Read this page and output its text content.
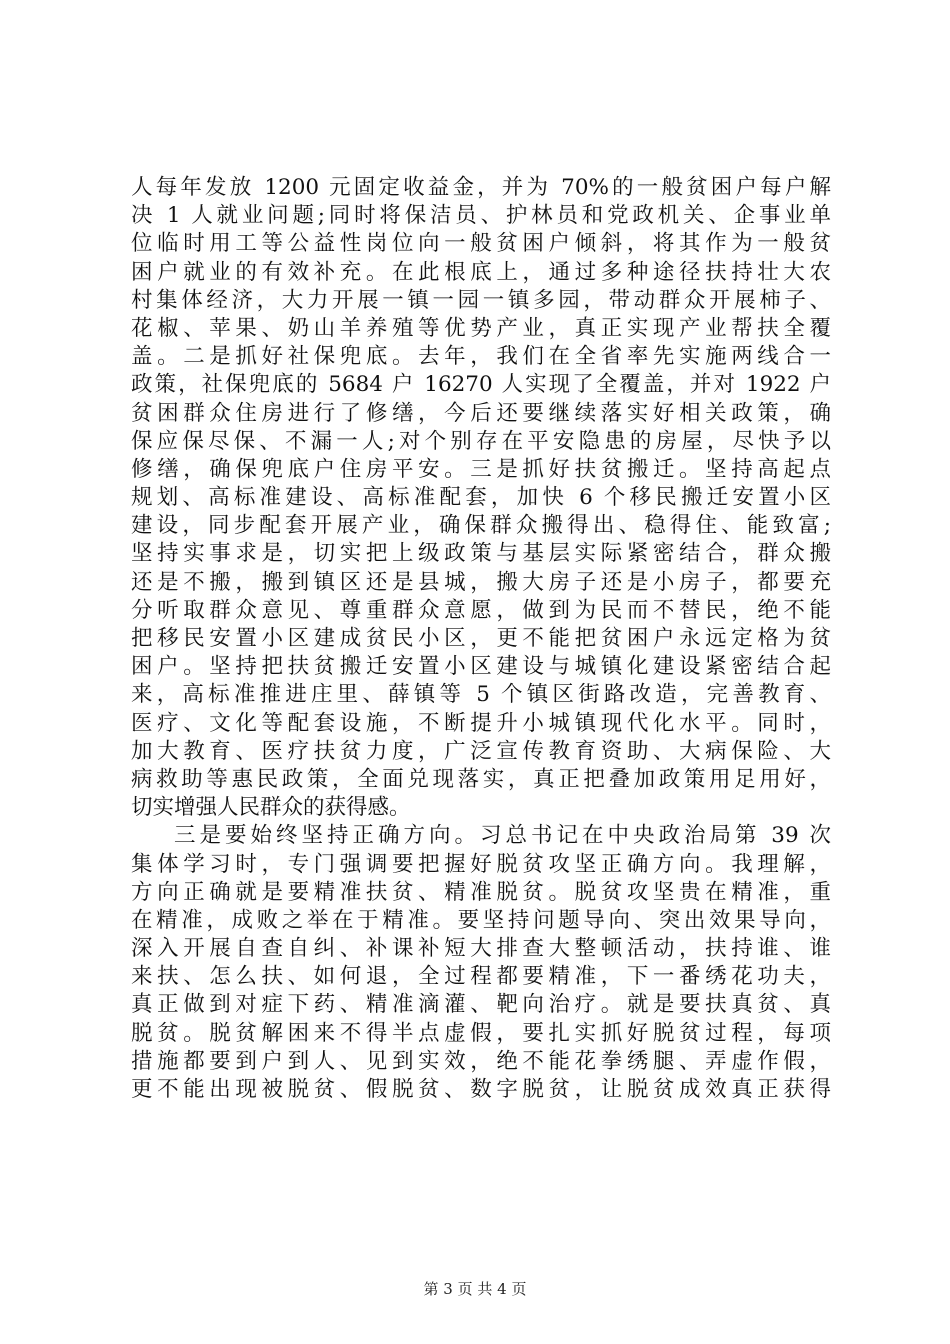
人每年发放 1200 元固定收益金，并为 70%的一般贫困户每户解
决 1 人就业问题;同时将保洁员、护林员和党政机关、企事业单
位临时用工等公益性岗位向一般贫困户倾斜，将其作为一般贫
困户就业的有效补充。在此根底上，通过多种途径扶持壮大农
村集体经济，大力开展一镇一园一镇多园，带动群众开展柿子、
花椒、苹果、奶山羊养殖等优势产业，真正实现产业帮扶全覆
盖。二是抓好社保兜底。去年，我们在全省率先实施两线合一
政策，社保兜底的 5684 户 16270 人实现了全覆盖，并对 1922 户
贫困群众住房进行了修缮，今后还要继续落实好相关政策，确
保应保尽保、不漏一人;对个别存在平安隐患的房屋，尽快予以
修缮，确保兜底户住房平安。三是抓好扶贫搬迁。坚持高起点
规划、高标准建设、高标准配套，加快 6 个移民搬迁安置小区
建设，同步配套开展产业，确保群众搬得出、稳得住、能致富;
坚持实事求是，切实把上级政策与基层实际紧密结合，群众搬
还是不搬，搬到镇区还是县城，搬大房子还是小房子，都要充
分听取群众意见、尊重群众意愿，做到为民而不替民，绝不能
把移民安置小区建成贫民小区，更不能把贫困户永远定格为贫
困户。坚持把扶贫搬迁安置小区建设与城镇化建设紧密结合起
来，高标准推进庄里、薛镇等 5 个镇区街路改造，完善教育、
医疗、文化等配套设施，不断提升小城镇现代化水平。同时，
加大教育、医疗扶贫力度，广泛宣传教育资助、大病保险、大
病救助等惠民政策，全面兑现落实，真正把叠加政策用足用好，
切实增强人民群众的获得感。
三是要始终坚持正确方向。习总书记在中央政治局第 39 次
集体学习时，专门强调要把握好脱贫攻坚正确方向。我理解，
方向正确就是要精准扶贫、精准脱贫。脱贫攻坚贵在精准，重
在精准，成败之举在于精准。要坚持问题导向、突出效果导向，
深入开展自查自纠、补课补短大排查大整顿活动，扶持谁、谁
来扶、怎么扶、如何退，全过程都要精准，下一番绣花功夫，
真正做到对症下药、精准滴灌、靶向治疗。就是要扶真贫、真
脱贫。脱贫解困来不得半点虚假，要扎实抓好脱贫过程，每项
措施都要到户到人、见到实效，绝不能花拳绣腿、弄虚作假，
更不能出现被脱贫、假脱贫、数字脱贫，让脱贫成效真正获得
第 3 页 共 4 页
